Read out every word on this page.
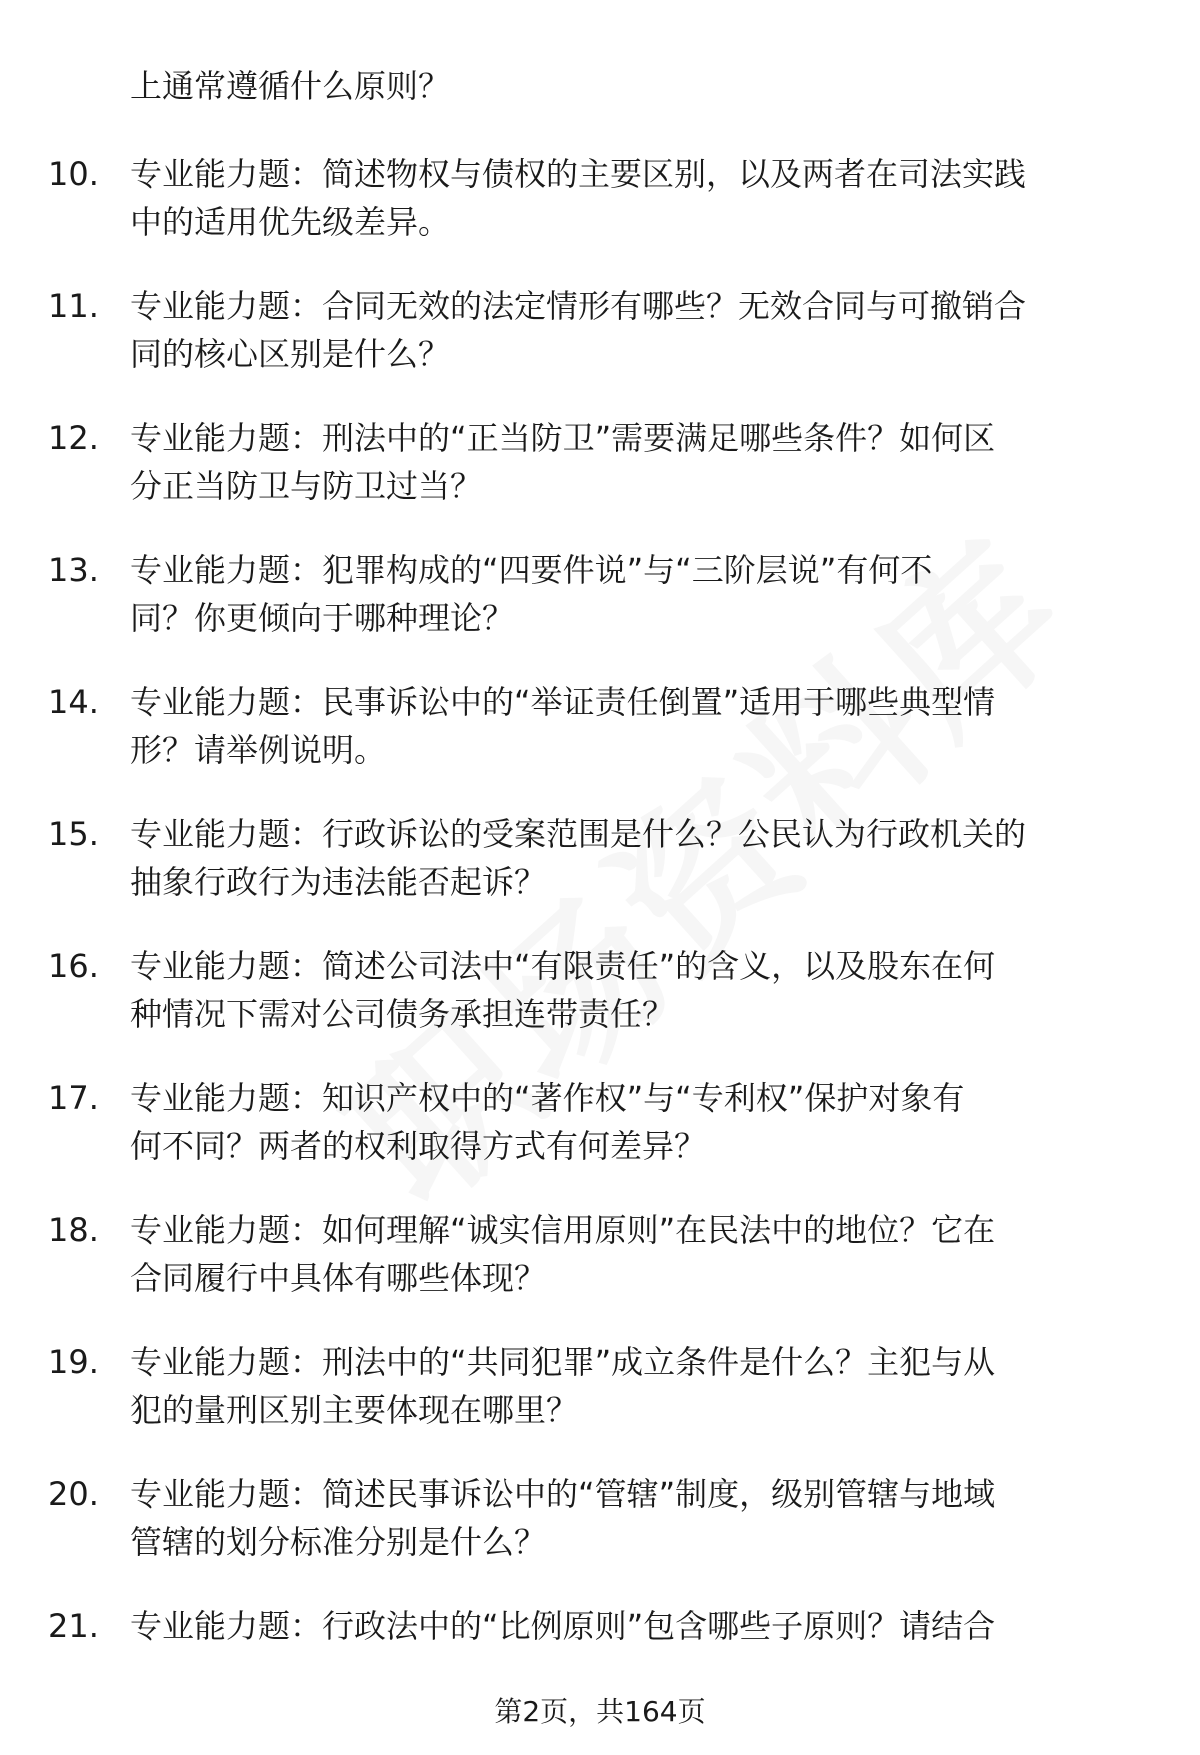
上通常遵循什么原则？
10. 专业能力题：简述物权与债权的主要区别，以及两者在司法实践
中的适用优先级差异。
11. 专业能力题：合同无效的法定情形有哪些？无效合同与可撤销合
同的核心区别是什么？
12. 专业能力题：刑法中的“正当防卫”需要满足哪些条件？如何区
分正当防卫与防卫过当？
13. 专业能力题：犯罪构成的“四要件说”与“三阶层说”有何不
同？你更倾向于哪种理论？
14. 专业能力题：民事诉讼中的“举证责任倒置”适用于哪些典型情
形？请举例说明。
15. 专业能力题：行政诉讼的受案范围是什么？公民认为行政机关的
抽象行政行为违法能否起诉？
16. 专业能力题：简述公司法中“有限责任”的含义，以及股东在何
种情况下需对公司债务承担连带责任？
17. 专业能力题：知识产权中的“著作权”与“专利权”保护对象有
何不同？两者的权利取得方式有何差异？
18. 专业能力题：如何理解“诚实信用原则”在民法中的地位？它在
合同履行中具体有哪些体现？
19. 专业能力题：刑法中的“共同犯罪”成立条件是什么？主犯与从
犯的量刑区别主要体现在哪里？
20. 专业能力题：简述民事诉讼中的“管辖”制度，级别管辖与地域
管辖的划分标准分别是什么？
21. 专业能力题：行政法中的“比例原则”包含哪些子原则？请结合
第2页，共164页
